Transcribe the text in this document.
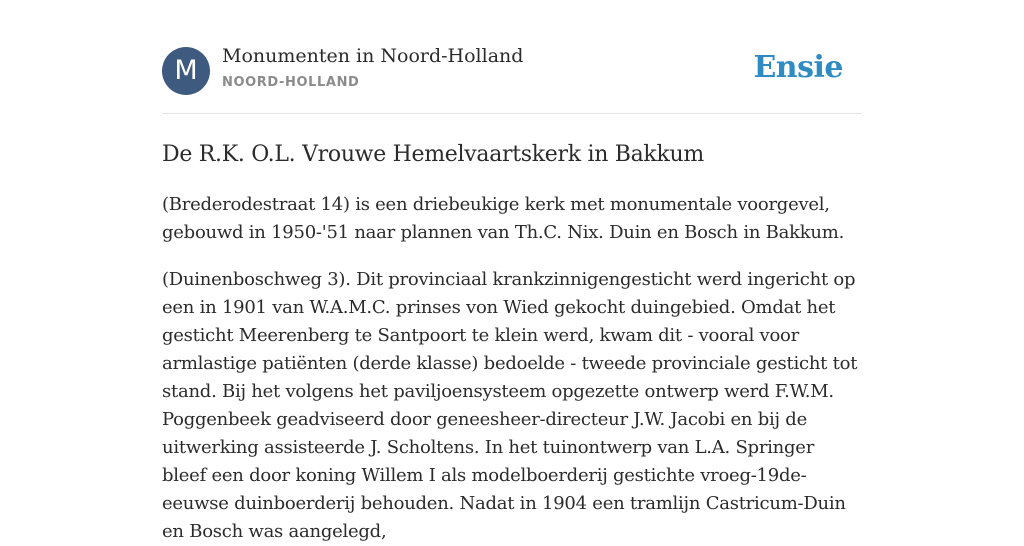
M	Monumenten in Noord-Holland
NOORD-HOLLAND	Ensie
De R.K. O.L. Vrouwe Hemelvaartskerk in Bakkum

(Brederodestraat 14) is een driebeukige kerk met monumentale voorgevel, gebouwd in 1950-'51 naar plannen van Th.C. Nix. Duin en Bosch in Bakkum.

(Duinenboschweg 3). Dit provinciaal krankzinnigengesticht werd ingericht op een in 1901 van W.A.M.C. prinses von Wied gekocht duingebied. Omdat het gesticht Meerenberg te Santpoort te klein werd, kwam dit - vooral voor armlastige patiënten (derde klasse) bedoelde - tweede provinciale gesticht tot stand. Bij het volgens het paviljoensysteem opgezette ontwerp werd F.W.M. Poggenbeek geadviseerd door geneesheer-directeur J.W. Jacobi en bij de uitwerking assisteerde J. Scholtens. In het tuinontwerp van L.A. Springer bleef een door koning Willem I als modelboerderij gestichte vroeg-19de-eeuwse duinboerderij behouden. Nadat in 1904 een tramlijn Castricum-Duin en Bosch was aangelegd,
